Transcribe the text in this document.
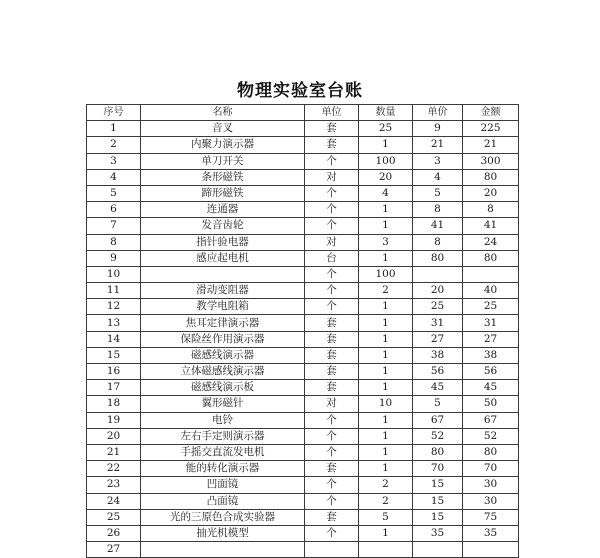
物理实验室台账
序号	名称	单位	数量	单价	金额
1	音叉	套	25	9	225
2	内聚力演示器	套	1	21	21
3	单刀开关	个	100	3	300
4	条形磁铁	对	20	4	80
5	蹄形磁铁	个	4	5	20
6	连通器	个	1	8	8
7	发音齿轮	个	1	41	41
8	指针验电器	对	3	8	24
9	感应起电机	台	1	80	80
10		个	100		
11	滑动变阻器	个	2	20	40
12	教学电阻箱	个	1	25	25
13	焦耳定律演示器	套	1	31	31
14	保险丝作用演示器	套	1	27	27
15	磁感线演示器	套	1	38	38
16	立体磁感线演示器	套	1	56	56
17	磁感线演示板	套	1	45	45
18	翼形磁针	对	10	5	50
19	电铃	个	1	67	67
20	左右手定则演示器	个	1	52	52
21	手摇交直流发电机	个	1	80	80
22	能的转化演示器	套	1	70	70
23	凹面镜	个	2	15	30
24	凸面镜	个	2	15	30
25	光的三原色合成实验器	套	5	15	75
26	抽光机模型	个	1	35	35
27					
